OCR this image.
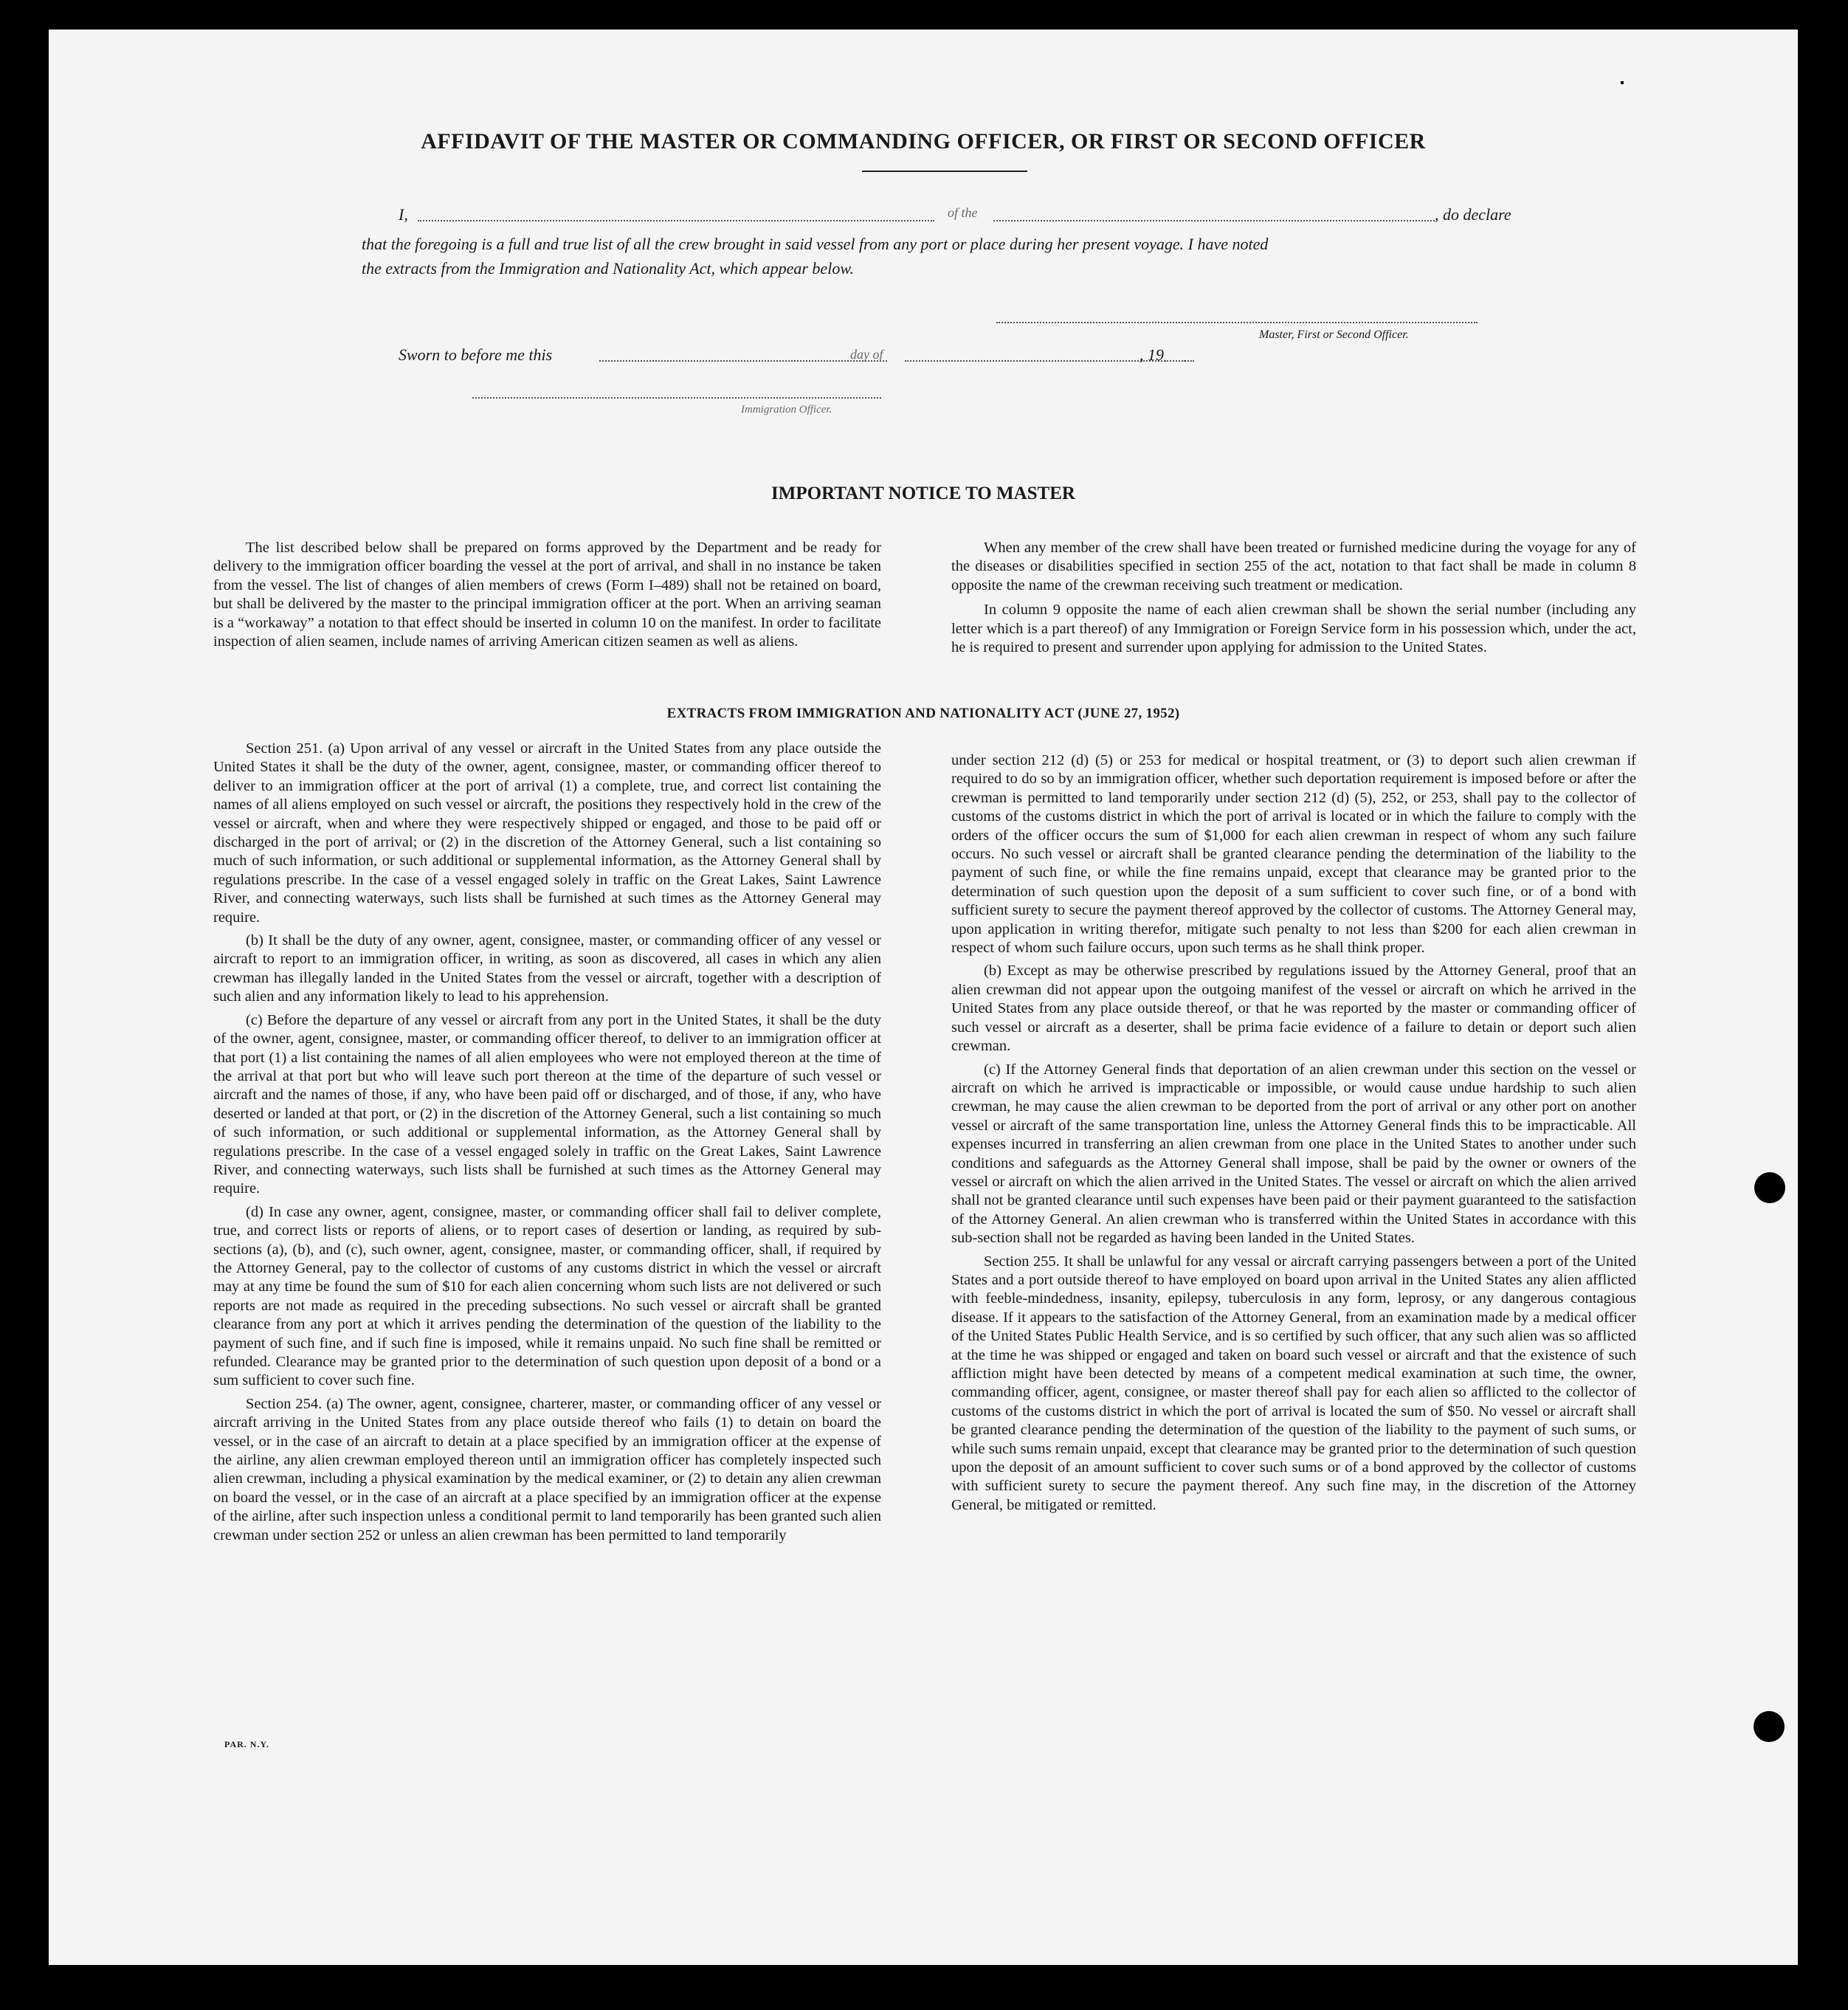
AFFIDAVIT OF THE MASTER OR COMMANDING OFFICER, OR FIRST OR SECOND OFFICER
I,	of the	, do declare
that the foregoing is a full and true list of all the crew brought in said vessel from any port or place during her present voyage. I have noted
the extracts from the Immigration and Nationality Act, which appear below.
Master, First or Second Officer.
Sworn to before me this	day of	, 19
Immigration Officer.
IMPORTANT NOTICE TO MASTER

The list described below shall be prepared on forms approved by the Department and be ready for delivery to the immigration officer boarding the vessel at the port of arrival, and shall in no instance be taken from the vessel. The list of changes of alien members of crews (Form I–489) shall not be retained on board, but shall be delivered by the master to the principal immigration officer at the port. When an arriving seaman is a “workaway” a notation to that effect should be inserted in column 10 on the manifest. In order to facilitate inspection of alien seamen, include names of arriving American citizen seamen as well as aliens.

When any member of the crew shall have been treated or furnished medicine during the voyage for any of the diseases or disabilities specified in section 255 of the act, notation to that fact shall be made in column 8 opposite the name of the crewman receiving such treatment or medication.

In column 9 opposite the name of each alien crewman shall be shown the serial number (including any letter which is a part thereof) of any Immigration or Foreign Service form in his possession which, under the act, he is required to present and surrender upon applying for admission to the United States.

EXTRACTS FROM IMMIGRATION AND NATIONALITY ACT (JUNE 27, 1952)

Section 251. (a) Upon arrival of any vessel or aircraft in the United States from any place outside the United States it shall be the duty of the owner, agent, consignee, master, or commanding officer thereof to deliver to an immigration officer at the port of arrival (1) a complete, true, and correct list containing the names of all aliens employed on such vessel or aircraft, the positions they respectively hold in the crew of the vessel or aircraft, when and where they were respectively shipped or engaged, and those to be paid off or discharged in the port of arrival; or (2) in the discretion of the Attorney General, such a list containing so much of such information, or such additional or supplemental information, as the Attorney General shall by regulations prescribe. In the case of a vessel engaged solely in traffic on the Great Lakes, Saint Lawrence River, and connecting waterways, such lists shall be furnished at such times as the Attorney General may require.

(b) It shall be the duty of any owner, agent, consignee, master, or commanding officer of any vessel or aircraft to report to an immigration officer, in writing, as soon as discovered, all cases in which any alien crewman has illegally landed in the United States from the vessel or aircraft, together with a description of such alien and any information likely to lead to his apprehension.

(c) Before the departure of any vessel or aircraft from any port in the United States, it shall be the duty of the owner, agent, consignee, master, or commanding officer thereof, to deliver to an immigration officer at that port (1) a list containing the names of all alien employees who were not employed thereon at the time of the arrival at that port but who will leave such port thereon at the time of the departure of such vessel or aircraft and the names of those, if any, who have been paid off or discharged, and of those, if any, who have deserted or landed at that port, or (2) in the discretion of the Attorney General, such a list containing so much of such information, or such additional or supplemental information, as the Attorney General shall by regulations prescribe. In the case of a vessel engaged solely in traffic on the Great Lakes, Saint Lawrence River, and connecting waterways, such lists shall be furnished at such times as the Attorney General may require.

(d) In case any owner, agent, consignee, master, or commanding officer shall fail to deliver complete, true, and correct lists or reports of aliens, or to report cases of desertion or landing, as required by sub-sections (a), (b), and (c), such owner, agent, consignee, master, or commanding officer, shall, if required by the Attorney General, pay to the collector of customs of any customs district in which the vessel or aircraft may at any time be found the sum of $10 for each alien concerning whom such lists are not delivered or such reports are not made as required in the preceding subsections. No such vessel or aircraft shall be granted clearance from any port at which it arrives pending the determination of the question of the liability to the payment of such fine, and if such fine is imposed, while it remains unpaid. No such fine shall be remitted or refunded. Clearance may be granted prior to the determination of such question upon deposit of a bond or a sum sufficient to cover such fine.

Section 254. (a) The owner, agent, consignee, charterer, master, or commanding officer of any vessel or aircraft arriving in the United States from any place outside thereof who fails (1) to detain on board the vessel, or in the case of an aircraft to detain at a place specified by an immigration officer at the expense of the airline, any alien crewman employed thereon until an immigration officer has completely inspected such alien crewman, including a physical examination by the medical examiner, or (2) to detain any alien crewman on board the vessel, or in the case of an aircraft at a place specified by an immigration officer at the expense of the airline, after such inspection unless a conditional permit to land temporarily has been granted such alien crewman under section 252 or unless an alien crewman has been permitted to land temporarily

under section 212 (d) (5) or 253 for medical or hospital treatment, or (3) to deport such alien crewman if required to do so by an immigration officer, whether such deportation requirement is imposed before or after the crewman is permitted to land temporarily under section 212 (d) (5), 252, or 253, shall pay to the collector of customs of the customs district in which the port of arrival is located or in which the failure to comply with the orders of the officer occurs the sum of $1,000 for each alien crewman in respect of whom any such failure occurs. No such vessel or aircraft shall be granted clearance pending the determination of the liability to the payment of such fine, or while the fine remains unpaid, except that clearance may be granted prior to the determination of such question upon the deposit of a sum sufficient to cover such fine, or of a bond with sufficient surety to secure the payment thereof approved by the collector of customs. The Attorney General may, upon application in writing therefor, mitigate such penalty to not less than $200 for each alien crewman in respect of whom such failure occurs, upon such terms as he shall think proper.

(b) Except as may be otherwise prescribed by regulations issued by the Attorney General, proof that an alien crewman did not appear upon the outgoing manifest of the vessel or aircraft on which he arrived in the United States from any place outside thereof, or that he was reported by the master or commanding officer of such vessel or aircraft as a deserter, shall be prima facie evidence of a failure to detain or deport such alien crewman.

(c) If the Attorney General finds that deportation of an alien crewman under this section on the vessel or aircraft on which he arrived is impracticable or impossible, or would cause undue hardship to such alien crewman, he may cause the alien crewman to be deported from the port of arrival or any other port on another vessel or aircraft of the same transportation line, unless the Attorney General finds this to be impracticable. All expenses incurred in transferring an alien crewman from one place in the United States to another under such conditions and safeguards as the Attorney General shall impose, shall be paid by the owner or owners of the vessel or aircraft on which the alien arrived in the United States. The vessel or aircraft on which the alien arrived shall not be granted clearance until such expenses have been paid or their payment guaranteed to the satisfaction of the Attorney General. An alien crewman who is transferred within the United States in accordance with this sub-section shall not be regarded as having been landed in the United States.

Section 255. It shall be unlawful for any vessal or aircraft carrying passengers between a port of the United States and a port outside thereof to have employed on board upon arrival in the United States any alien afflicted with feeble-mindedness, insanity, epilepsy, tuberculosis in any form, leprosy, or any dangerous contagious disease. If it appears to the satisfaction of the Attorney General, from an examination made by a medical officer of the United States Public Health Service, and is so certified by such officer, that any such alien was so afflicted at the time he was shipped or engaged and taken on board such vessel or aircraft and that the existence of such affliction might have been detected by means of a competent medical examination at such time, the owner, commanding officer, agent, consignee, or master thereof shall pay for each alien so afflicted to the collector of customs of the customs district in which the port of arrival is located the sum of $50. No vessel or aircraft shall be granted clearance pending the determination of the question of the liability to the payment of such sums, or while such sums remain unpaid, except that clearance may be granted prior to the determination of such question upon the deposit of an amount sufficient to cover such sums or of a bond approved by the collector of customs with sufficient surety to secure the payment thereof. Any such fine may, in the discretion of the Attorney General, be mitigated or remitted.

PAR. N.Y.
